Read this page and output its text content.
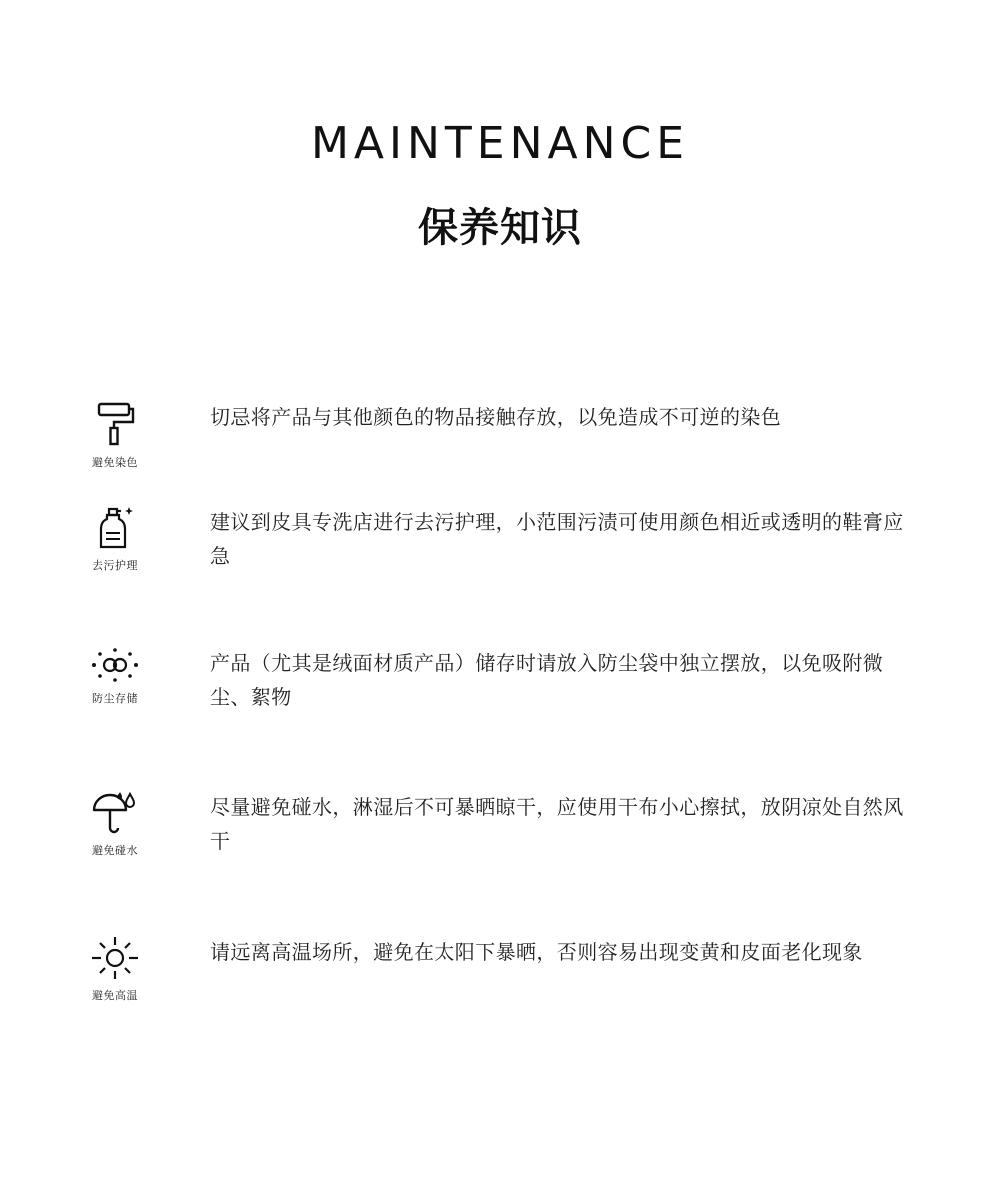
MAINTENANCE
保养知识
避免染色
切忌将产品与其他颜色的物品接触存放，以免造成不可逆的染色
去污护理
建议到皮具专洗店进行去污护理，小范围污渍可使用颜色相近或透明的鞋膏应急
防尘存储
产品（尤其是绒面材质产品）储存时请放入防尘袋中独立摆放，以免吸附微尘、絮物
避免碰水
尽量避免碰水，淋湿后不可暴晒晾干，应使用干布小心擦拭，放阴凉处自然风干
避免高温
请远离高温场所，避免在太阳下暴晒，否则容易出现变黄和皮面老化现象
